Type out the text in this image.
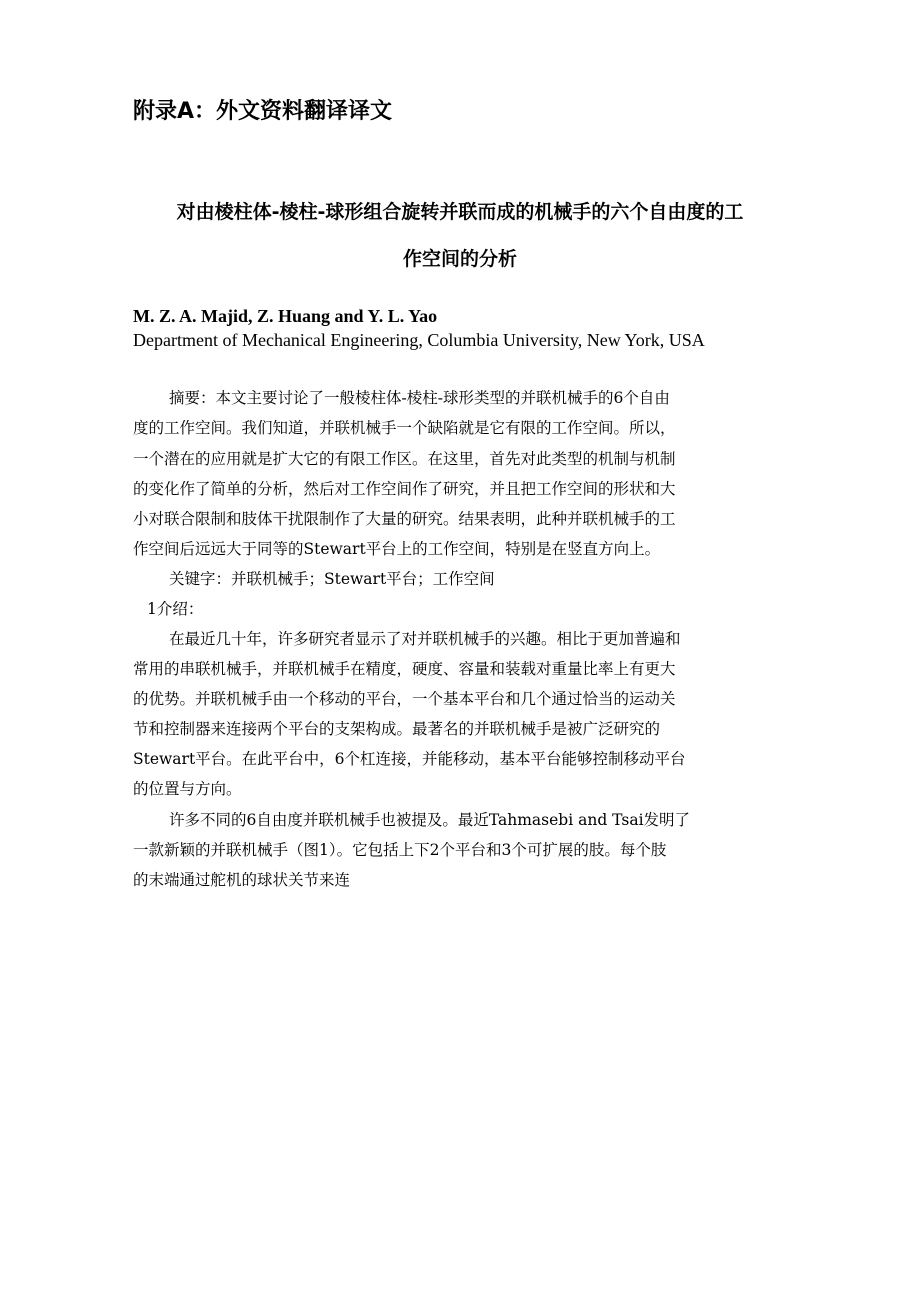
附录A：外文资料翻译译文
对由棱柱体-棱柱-球形组合旋转并联而成的机械手的六个自由度的工
作空间的分析
M. Z. A. Majid, Z. Huang and Y. L. Yao
Department of Mechanical Engineering, Columbia University, New York, USA
摘要：本文主要讨论了一般棱柱体-棱柱-球形类型的并联机械手的6个自由
度的工作空间。我们知道，并联机械手一个缺陷就是它有限的工作空间。所以，
一个潜在的应用就是扩大它的有限工作区。在这里，首先对此类型的机制与机制
的变化作了简单的分析，然后对工作空间作了研究，并且把工作空间的形状和大
小对联合限制和肢体干扰限制作了大量的研究。结果表明，此种并联机械手的工
作空间后远远大于同等的Stewart平台上的工作空间，特别是在竖直方向上。
关键字：并联机械手；Stewart平台；工作空间
1介绍：
在最近几十年，许多研究者显示了对并联机械手的兴趣。相比于更加普遍和
常用的串联机械手，并联机械手在精度，硬度、容量和装载对重量比率上有更大
的优势。并联机械手由一个移动的平台，一个基本平台和几个通过恰当的运动关
节和控制器来连接两个平台的支架构成。最著名的并联机械手是被广泛研究的
Stewart平台。在此平台中，6个杠连接，并能移动，基本平台能够控制移动平台
的位置与方向。
许多不同的6自由度并联机械手也被提及。最近Tahmasebi and Tsai发明了
一款新颖的并联机械手（图1）。它包括上下2个平台和3个可扩展的肢。每个肢
的末端通过舵机的球状关节来连
